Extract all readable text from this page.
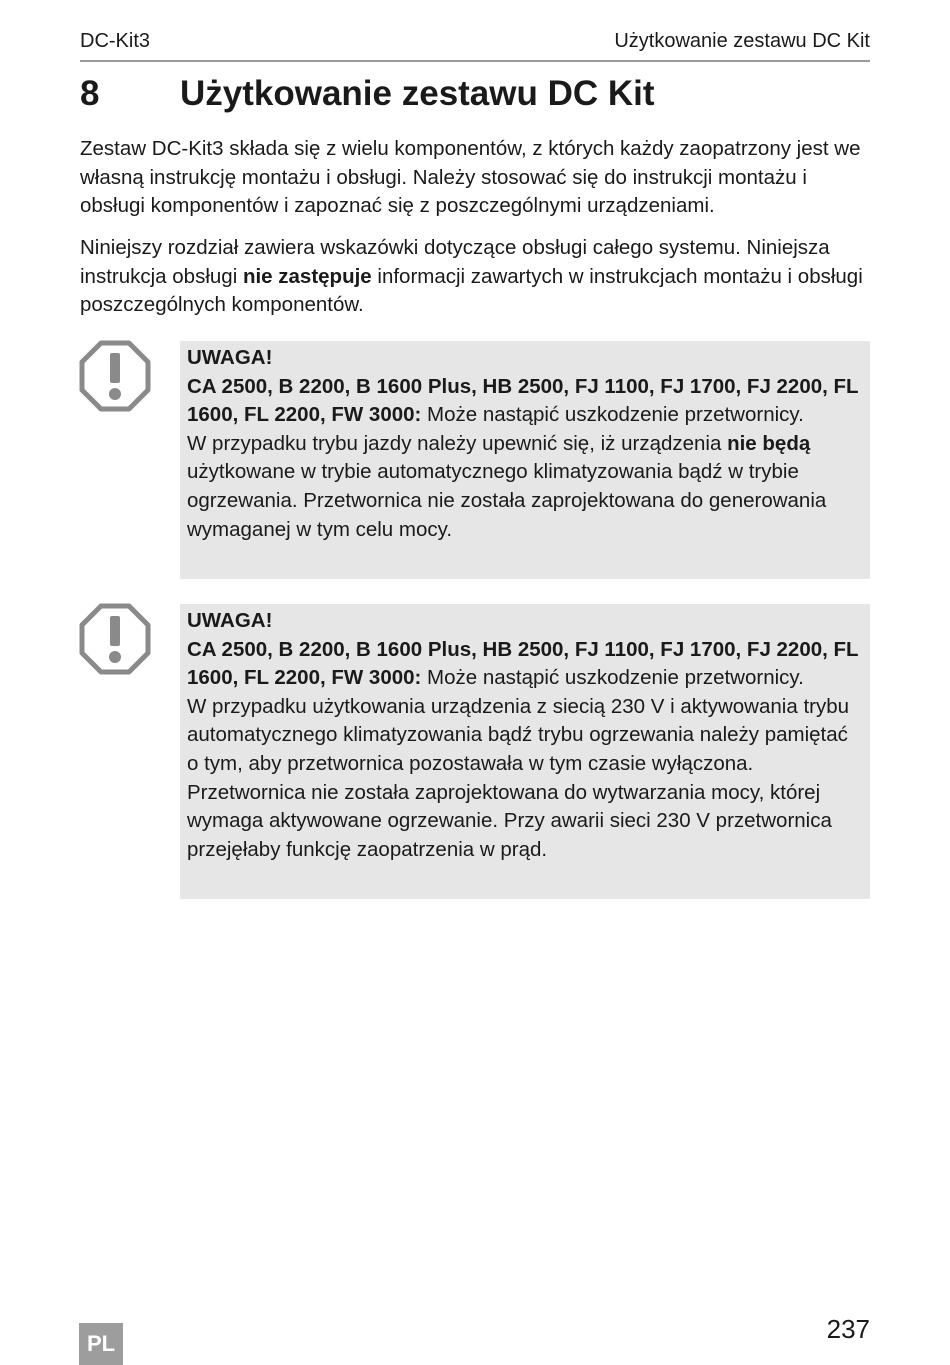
DC-Kit3	Użytkowanie zestawu DC Kit
8 Użytkowanie zestawu DC Kit

Zestaw DC-Kit3 składa się z wielu komponentów, z których każdy zaopatrzony jest we własną instrukcję montażu i obsługi. Należy stosować się do instrukcji montażu i obsługi komponentów i zapoznać się z poszczególnymi urządzeniami.

Niniejszy rozdział zawiera wskazówki dotyczące obsługi całego systemu. Niniejsza instrukcja obsługi nie zastępuje informacji zawartych w instrukcjach montażu i obsługi poszczególnych komponentów.

UWAGA!

CA 2500, B 2200, B 1600 Plus, HB 2500, FJ 1100, FJ 1700, FJ 2200, FL 1600, FL 2200, FW 3000: Może nastąpić uszkodzenie przetwornicy.

W przypadku trybu jazdy należy upewnić się, iż urządzenia nie będą użytkowane w trybie automatycznego klimatyzowania bądź w trybie ogrzewania. Przetwornica nie została zaprojektowana do generowania wymaganej w tym celu mocy.

UWAGA!

CA 2500, B 2200, B 1600 Plus, HB 2500, FJ 1100, FJ 1700, FJ 2200, FL 1600, FL 2200, FW 3000: Może nastąpić uszkodzenie przetwornicy.

W przypadku użytkowania urządzenia z siecią 230 V i aktywowania trybu automatycznego klimatyzowania bądź trybu ogrzewania należy pamiętać o tym, aby przetwornica pozostawała w tym czasie wyłączona. Przetwornica nie została zaprojektowana do wytwarzania mocy, której wymaga aktywowane ogrzewanie. Przy awarii sieci 230 V przetwornica przejęłaby funkcję zaopatrzenia w prąd.

PL	237
